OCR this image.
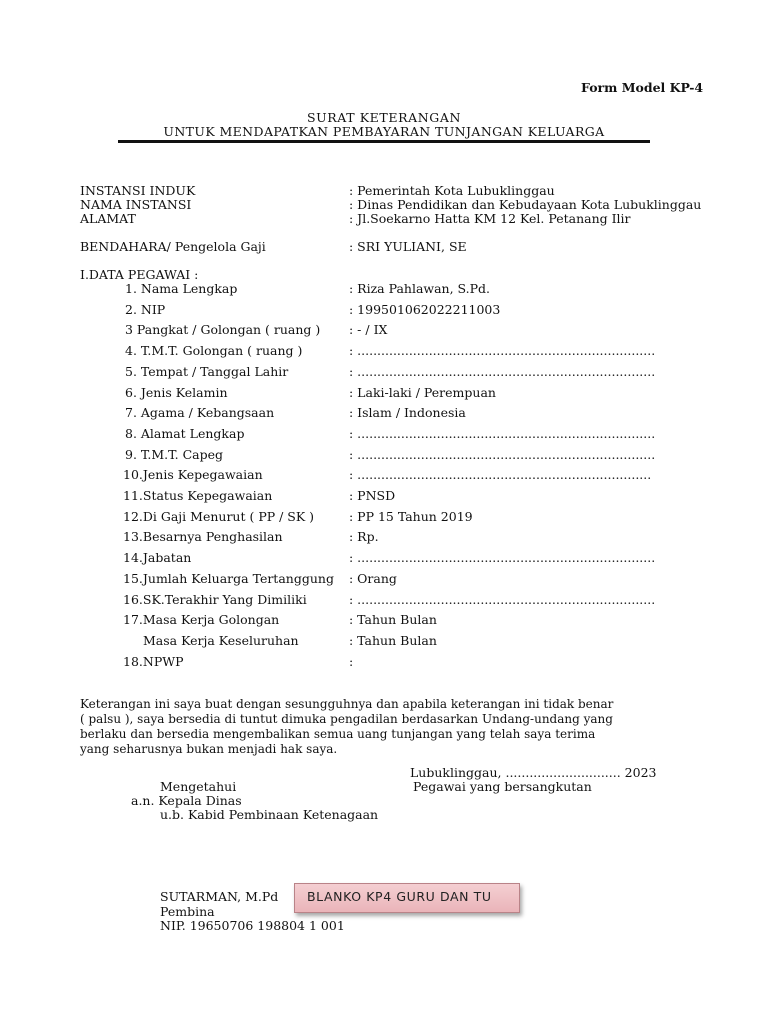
Form Model KP-4
SURAT KETERANGAN
UNTUK MENDAPATKAN PEMBAYARAN TUNJANGAN KELUARGA
INSTANSI INDUK	: Pemerintah Kota Lubuklinggau
NAMA INSTANSI	: Dinas Pendidikan dan Kebudayaan Kota Lubuklinggau
ALAMAT	: Jl.Soekarno Hatta KM 12 Kel. Petanang Ilir
BENDAHARA/ Pengelola Gaji	: SRI YULIANI, SE
I.DATA PEGAWAI :
1. Nama Lengkap	: Riza Pahlawan, S.Pd.
2. NIP	: 199501062022211003
3 Pangkat / Golongan ( ruang ) : - / IX
4. T.M.T. Golongan ( ruang )	: ...........................................................................
5. Tempat / Tanggal Lahir	: ...........................................................................
6. Jenis Kelamin	: Laki-laki / Perempuan
7. Agama / Kebangsaan	: Islam / Indonesia
8. Alamat Lengkap	: ...........................................................................
9. T.M.T. Capeg	: ...........................................................................
10.Jenis Kepegawaian	: ..........................................................................
11.Status Kepegawaian	: PNSD
12.Di Gaji Menurut ( PP / SK )	: PP 15 Tahun 2019
13.Besarnya Penghasilan	: Rp.
14.Jabatan	: ...........................................................................
15.Jumlah Keluarga Tertanggung : Orang
16.SK.Terakhir Yang Dimiliki	: ...........................................................................
17.Masa Kerja Golongan	: Tahun Bulan
Masa Kerja Keseluruhan	: Tahun Bulan
18.NPWP	:
Keterangan ini saya buat dengan sesungguhnya dan apabila keterangan ini tidak benar ( palsu ), saya bersedia di tuntut dimuka pengadilan berdasarkan Undang-undang yang berlaku dan bersedia mengembalikan semua uang tunjangan yang telah saya terima yang seharusnya bukan menjadi hak saya.
Lubuklinggau, ............................. 2023
Pegawai yang bersangkutan
Mengetahui
a.n. Kepala Dinas
u.b. Kabid Pembinaan Ketenagaan
SUTARMAN, M.Pd
Pembina
NIP. 19650706 198804 1 001
BLANKO KP4 GURU DAN TU
